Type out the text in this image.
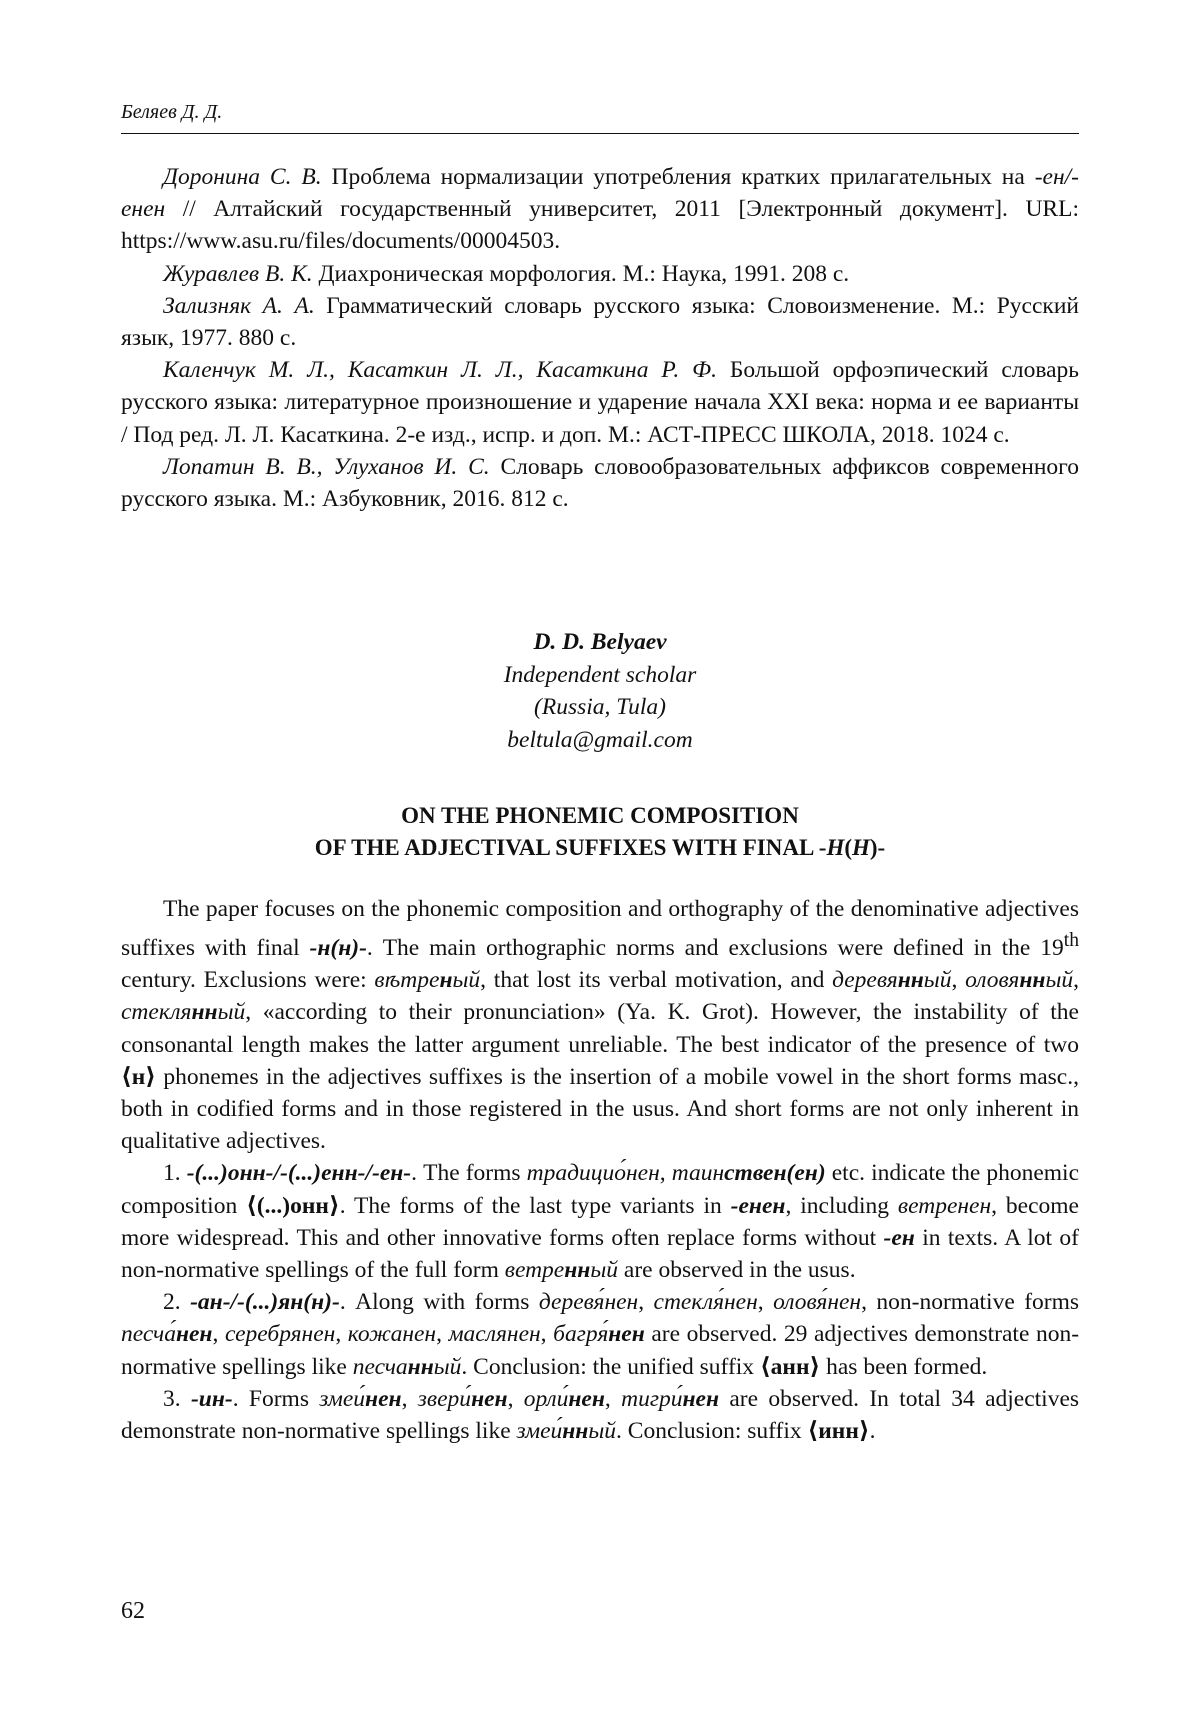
Беляев Д. Д.

Доронина С. В. Проблема нормализации употребления кратких прилагательных на -ен/-енен // Алтайский государственный университет, 2011 [Электронный документ]. URL: https://www.asu.ru/files/documents/00004503.

Журавлев В. К. Диахроническая морфология. М.: Наука, 1991. 208 с.

Зализняк А. А. Грамматический словарь русского языка: Словоизменение. М.: Русский язык, 1977. 880 с.

Каленчук М. Л., Касаткин Л. Л., Касаткина Р. Ф. Большой орфоэпический словарь русского языка: литературное произношение и ударение начала XXI века: норма и ее варианты / Под ред. Л. Л. Касаткина. 2-е изд., испр. и доп. М.: АСТ-ПРЕСС ШКОЛА, 2018. 1024 с.

Лопатин В. В., Улуханов И. С. Словарь словообразовательных аффиксов современного русского языка. М.: Азбуковник, 2016. 812 с.

D. D. Belyaev
Independent scholar
(Russia, Tula)
beltula@gmail.com
ON THE PHONEMIC COMPOSITION
OF THE ADJECTIVAL SUFFIXES WITH FINAL -Н(Н)-

The paper focuses on the phonemic composition and orthography of the denominative adjectives suffixes with final -н(н)-. The main orthographic norms and exclusions were defined in the 19th century. Exclusions were: вѣтреный, that lost its verbal motivation, and деревянный, оловянный, стеклянный, «according to their pronunciation» (Ya. K. Grot). However, the instability of the consonantal length makes the latter argument unreliable. The best indicator of the presence of two ⟨н⟩ phonemes in the adjectives suffixes is the insertion of a mobile vowel in the short forms masc., both in codified forms and in those registered in the usus. And short forms are not only inherent in qualitative adjectives.

1. -(...)онн-/-(...)енн-/-ен-. The forms традицио́нен, таинствен(ен) etc. indicate the phonemic composition ⟨(...)онн⟩. The forms of the last type variants in -енен, including ветренен, become more widespread. This and other innovative forms often replace forms without -ен in texts. A lot of non-normative spellings of the full form ветренный are observed in the usus.

2. -ан-/-(...)ян(н)-. Along with forms деревя́нен, стекля́нен, оловя́нен, non-normative forms песча́нен, серебрянен, кожанен, маслянен, багря́нен are observed. 29 adjectives demonstrate non-normative spellings like песчанный. Conclusion: the unified suffix ⟨анн⟩ has been formed.

3. -ин-. Forms змеи́нен, звери́нен, орли́нен, тигри́нен are observed. In total 34 adjectives demonstrate non-normative spellings like змеи́нный. Conclusion: suffix ⟨инн⟩.

62
